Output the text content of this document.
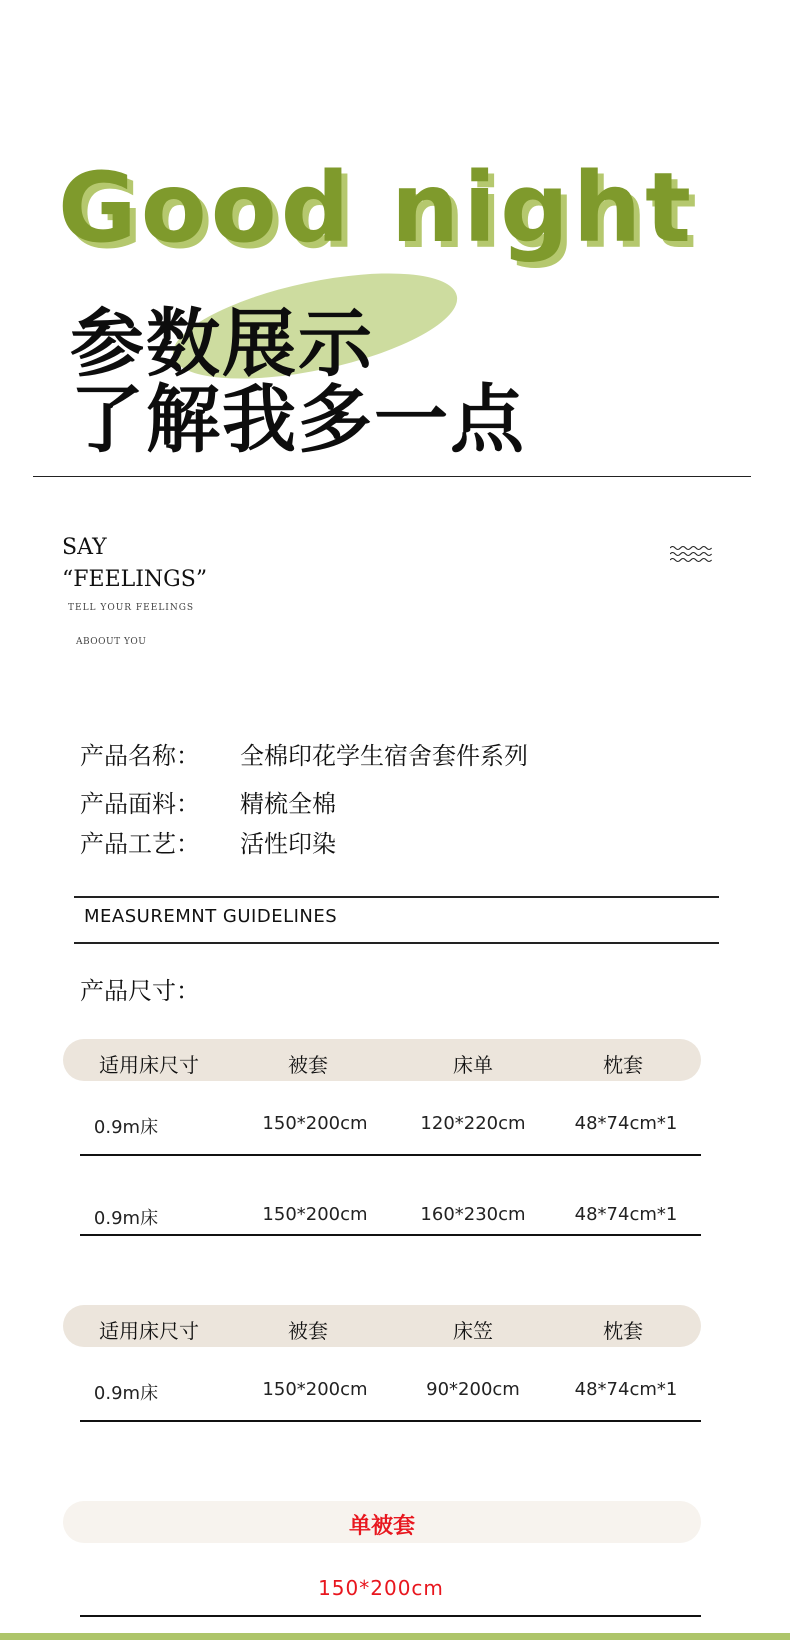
Good night
参数展示
了解我多一点
SAY
“FEELINGS”
TELL YOUR FEELINGS
ABOOUT YOU
产品名称： 全棉印花学生宿舍套件系列
产品面料： 精梳全棉
产品工艺： 活性印染
MEASUREMNT GUIDELINES
产品尺寸：
适用床尺寸	被套	床单	枕套
0.9m床	150*200cm	120*220cm	48*74cm*1
0.9m床	150*200cm	160*230cm	48*74cm*1
适用床尺寸	被套	床笠	枕套
0.9m床	150*200cm	90*200cm	48*74cm*1
单被套
150*200cm
